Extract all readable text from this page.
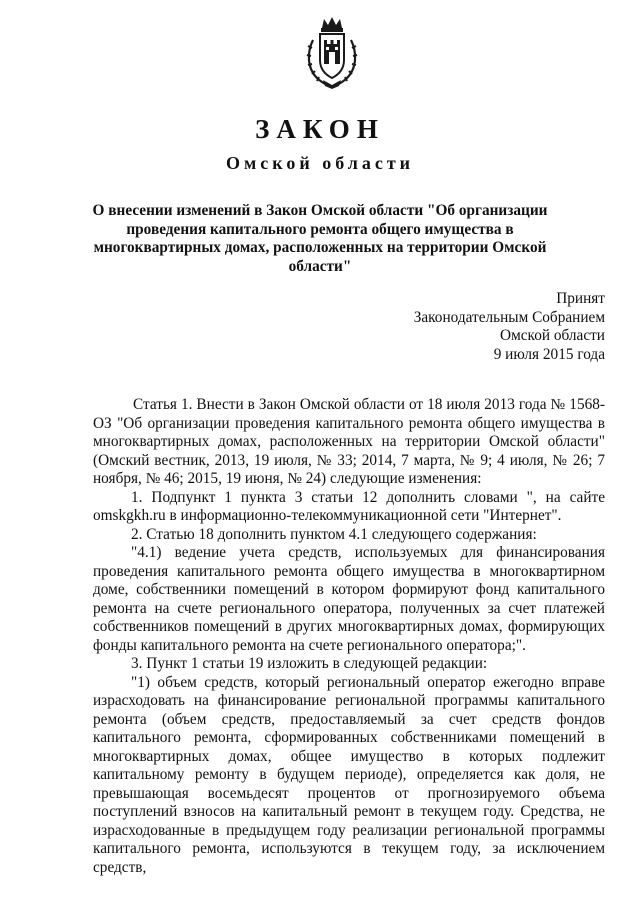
ЗАКОН
Омской области
О внесении изменений в Закон Омской области "Об организации проведения капитального ремонта общего имущества в многоквартирных домах, расположенных на территории Омской области"
Принят
Законодательным Собранием
Омской области
9 июля 2015 года

Статья 1. Внести в Закон Омской области от 18 июля 2013 года № 1568-ОЗ "Об организации проведения капитального ремонта общего имущества в многоквартирных домах, расположенных на территории Омской области" (Омский вестник, 2013, 19 июля, № 33; 2014, 7 марта, № 9; 4 июля, № 26; 7 ноября, № 46; 2015, 19 июня, № 24) следующие изменения:

1. Подпункт 1 пункта 3 статьи 12 дополнить словами ", на сайте omskgkh.ru в информационно-телекоммуникационной сети "Интернет".

2. Статью 18 дополнить пунктом 4.1 следующего содержания:

"4.1) ведение учета средств, используемых для финансирования проведения капитального ремонта общего имущества в многоквартирном доме, собственники помещений в котором формируют фонд капитального ремонта на счете регионального оператора, полученных за счет платежей собственников помещений в других многоквартирных домах, формирующих фонды капитального ремонта на счете регионального оператора;".

3. Пункт 1 статьи 19 изложить в следующей редакции:

"1) объем средств, который региональный оператор ежегодно вправе израсходовать на финансирование региональной программы капитального ремонта (объем средств, предоставляемый за счет средств фондов капитального ремонта, сформированных собственниками помещений в многоквартирных домах, общее имущество в которых подлежит капитальному ремонту в будущем периоде), определяется как доля, не превышающая восемьдесят процентов от прогнозируемого объема поступлений взносов на капитальный ремонт в текущем году. Средства, не израсходованные в предыдущем году реализации региональной программы капитального ремонта, используются в текущем году, за исключением средств,
